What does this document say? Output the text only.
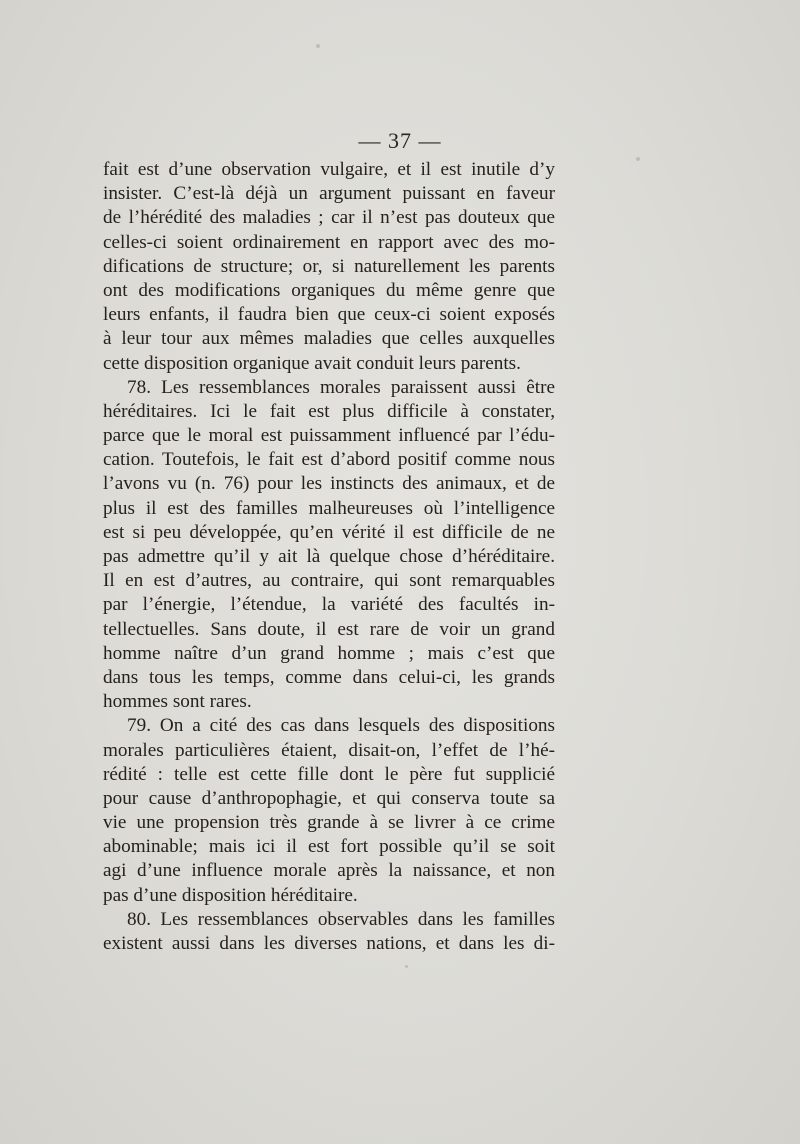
— 37 —
fait est d’une observation vulgaire, et il est inutile d’y
insister. C’est-là déjà un argument puissant en faveur
de l’hérédité des maladies ; car il n’est pas douteux que
celles-ci soient ordinairement en rapport avec des mo-
difications de structure; or, si naturellement les parents
ont des modifications organiques du même genre que
leurs enfants, il faudra bien que ceux-ci soient exposés
à leur tour aux mêmes maladies que celles auxquelles
cette disposition organique avait conduit leurs parents.
78. Les ressemblances morales paraissent aussi être
héréditaires. Ici le fait est plus difficile à constater,
parce que le moral est puissamment influencé par l’édu-
cation. Toutefois, le fait est d’abord positif comme nous
l’avons vu (n. 76) pour les instincts des animaux, et de
plus il est des familles malheureuses où l’intelligence
est si peu développée, qu’en vérité il est difficile de ne
pas admettre qu’il y ait là quelque chose d’héréditaire.
Il en est d’autres, au contraire, qui sont remarquables
par l’énergie, l’étendue, la variété des facultés in-
tellectuelles. Sans doute, il est rare de voir un grand
homme naître d’un grand homme ; mais c’est que
dans tous les temps, comme dans celui-ci, les grands
hommes sont rares.
79. On a cité des cas dans lesquels des dispositions
morales particulières étaient, disait-on, l’effet de l’hé-
rédité : telle est cette fille dont le père fut supplicié
pour cause d’anthropophagie, et qui conserva toute sa
vie une propension très grande à se livrer à ce crime
abominable; mais ici il est fort possible qu’il se soit
agi d’une influence morale après la naissance, et non
pas d’une disposition héréditaire.
80. Les ressemblances observables dans les familles
existent aussi dans les diverses nations, et dans les di-
